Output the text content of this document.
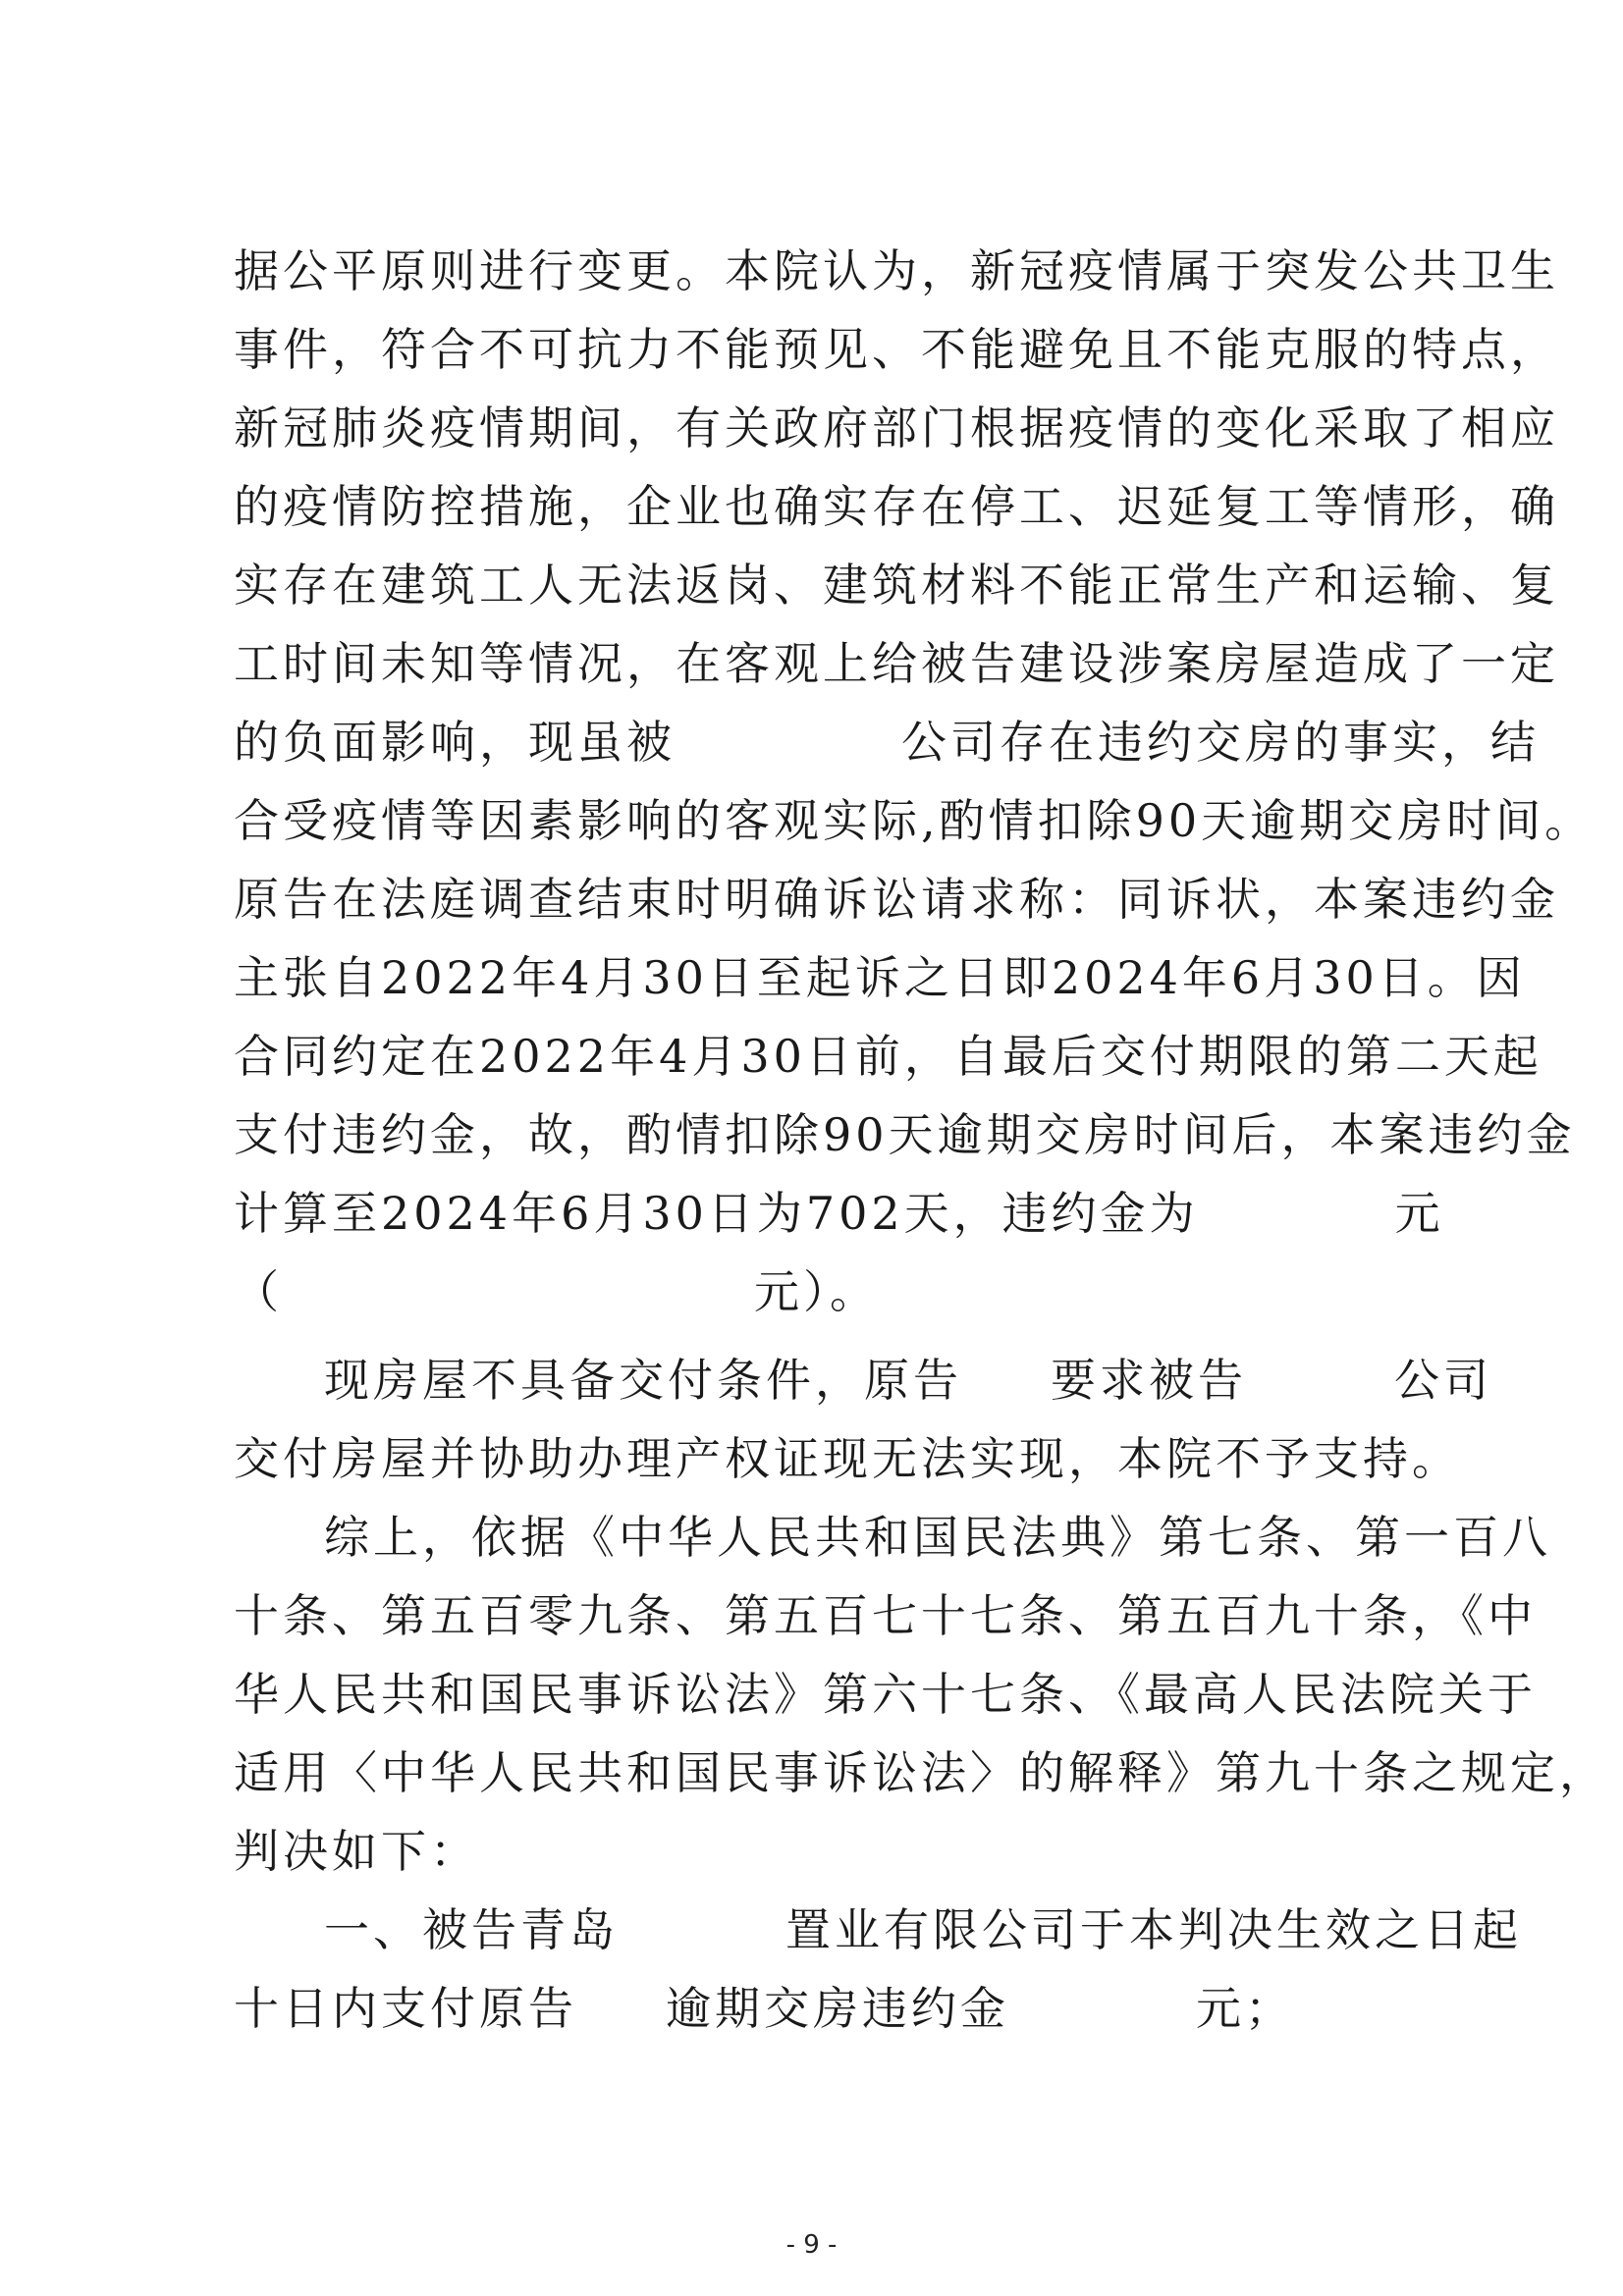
据公平原则进行变更。本院认为，新冠疫情属于突发公共卫生
事件，符合不可抗力不能预见、不能避免且不能克服的特点，
新冠肺炎疫情期间，有关政府部门根据疫情的变化采取了相应
的疫情防控措施，企业也确实存在停工、迟延复工等情形，确
实存在建筑工人无法返岗、建筑材料不能正常生产和运输、复
工时间未知等情况，在客观上给被告建设涉案房屋造成了一定
的负面影响，现虽被	公司存在违约交房的事实，结
合受疫情等因素影响的客观实际,酌情扣除90天逾期交房时间。
原告在法庭调查结束时明确诉讼请求称：同诉状，本案违约金
主张自2022年4月30日至起诉之日即2024年6月30日。因
合同约定在2022年4月30日前，自最后交付期限的第二天起
支付违约金，故，酌情扣除90天逾期交房时间后，本案违约金
计算至2024年6月30日为702天，违约金为	元
（	元）。
现房屋不具备交付条件，原告 要求被告	公司
交付房屋并协助办理产权证现无法实现，本院不予支持。
综上，依据《中华人民共和国民法典》第七条、第一百八
十条、第五百零九条、第五百七十七条、第五百九十条，《中
华人民共和国民事诉讼法》第六十七条、《最高人民法院关于
适用〈中华人民共和国民事诉讼法〉的解释》第九十条之规定，
判决如下：
一、被告青岛	置业有限公司于本判决生效之日起
十日内支付原告 逾期交房违约金	元；
- 9 -
